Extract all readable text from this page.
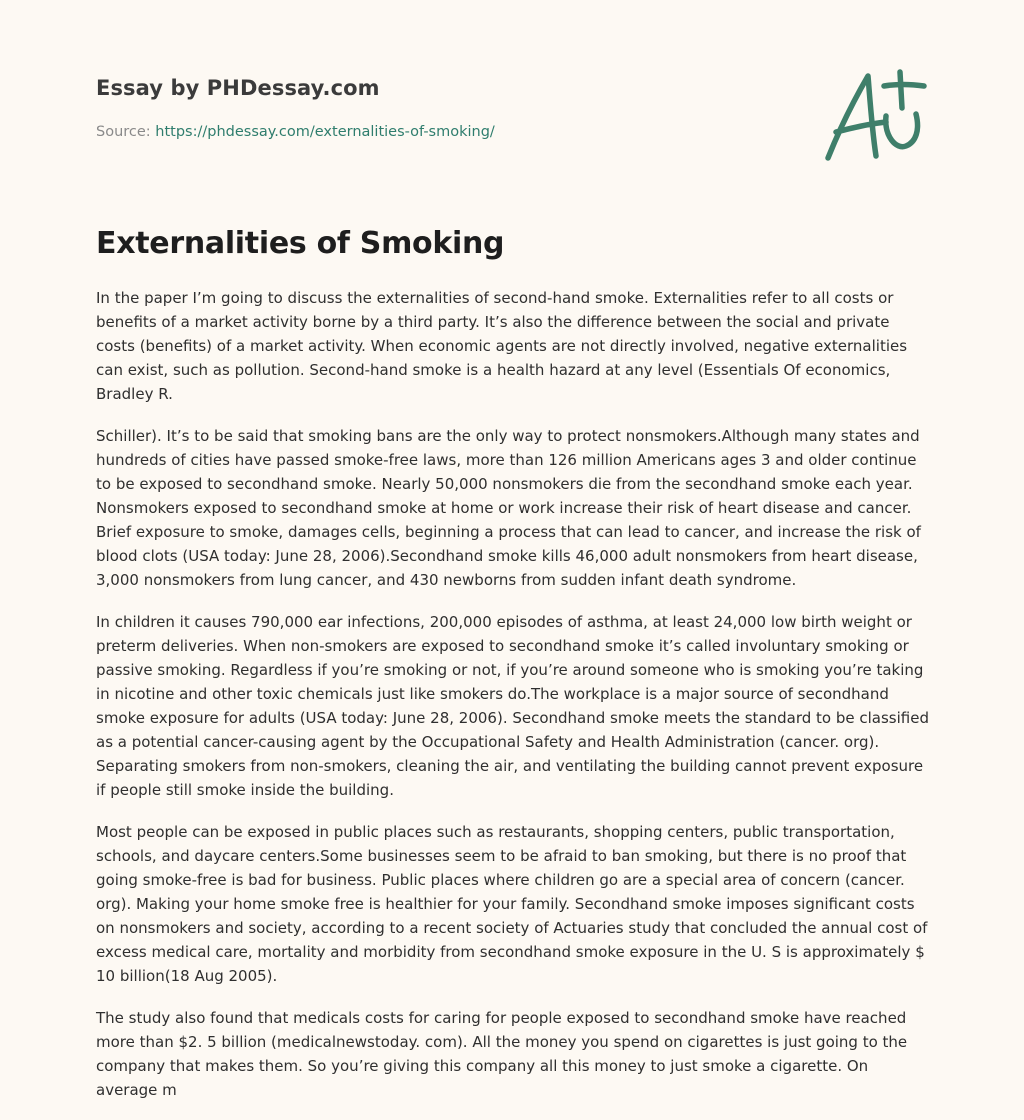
Essay by PHDessay.com
Source: https://phdessay.com/externalities-of-smoking/
Externalities of Smoking

In the paper I’m going to discuss the externalities of second-hand smoke. Externalities refer to all costs or benefits of a market activity borne by a third party. It’s also the difference between the social and private costs (benefits) of a market activity. When economic agents are not directly involved, negative externalities can exist, such as pollution. Second-hand smoke is a health hazard at any level (Essentials Of economics, Bradley R.

Schiller). It’s to be said that smoking bans are the only way to protect nonsmokers.Although many states and hundreds of cities have passed smoke-free laws, more than 126 million Americans ages 3 and older continue to be exposed to secondhand smoke. Nearly 50,000 nonsmokers die from the secondhand smoke each year. Nonsmokers exposed to secondhand smoke at home or work increase their risk of heart disease and cancer. Brief exposure to smoke, damages cells, beginning a process that can lead to cancer, and increase the risk of blood clots (USA today: June 28, 2006).Secondhand smoke kills 46,000 adult nonsmokers from heart disease, 3,000 nonsmokers from lung cancer, and 430 newborns from sudden infant death syndrome.

In children it causes 790,000 ear infections, 200,000 episodes of asthma, at least 24,000 low birth weight or preterm deliveries. When non-smokers are exposed to secondhand smoke it’s called involuntary smoking or passive smoking. Regardless if you’re smoking or not, if you’re around someone who is smoking you’re taking in nicotine and other toxic chemicals just like smokers do.The workplace is a major source of secondhand smoke exposure for adults (USA today: June 28, 2006). Secondhand smoke meets the standard to be classified as a potential cancer-causing agent by the Occupational Safety and Health Administration (cancer. org). Separating smokers from non-smokers, cleaning the air, and ventilating the building cannot prevent exposure if people still smoke inside the building.

Most people can be exposed in public places such as restaurants, shopping centers, public transportation, schools, and daycare centers.Some businesses seem to be afraid to ban smoking, but there is no proof that going smoke-free is bad for business. Public places where children go are a special area of concern (cancer. org). Making your home smoke free is healthier for your family. Secondhand smoke imposes significant costs on nonsmokers and society, according to a recent society of Actuaries study that concluded the annual cost of excess medical care, mortality and morbidity from secondhand smoke exposure in the U. S is approximately $ 10 billion(18 Aug 2005).

The study also found that medicals costs for caring for people exposed to secondhand smoke have reached more than $2. 5 billion (medicalnewstoday. com). All the money you spend on cigarettes is just going to the company that makes them. So you’re giving this company all this money to just smoke a cigarette. On average m
